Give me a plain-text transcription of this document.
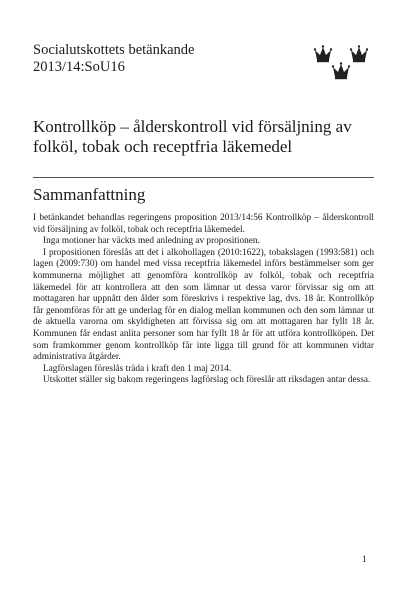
Socialutskottets betänkande
2013/14:SoU16
Kontrollköp – ålderskontroll vid försäljning av folköl, tobak och receptfria läkemedel
Sammanfattning

I betänkandet behandlas regeringens proposition 2013/14:56 Kontrollköp – ålderskontroll vid försäljning av folköl, tobak och receptfria läkemedel.

Inga motioner har väckts med anledning av propositionen.

I propositionen föreslås att det i alkohollagen (2010:1622), tobakslagen (1993:581) och lagen (2009:730) om handel med vissa receptfria läkemedel införs bestämmelser som ger kommunerna möjlighet att genomföra kontrollköp av folköl, tobak och receptfria läkemedel för att kontrollera att den som lämnar ut dessa varor förvissar sig om att mottagaren har uppnått den ålder som föreskrivs i respektive lag, dvs. 18 år. Kontrollköp får genomföras för att ge underlag för en dialog mellan kommunen och den som lämnar ut de aktuella varorna om skyldigheten att förvissa sig om att mottagaren har fyllt 18 år. Kommunen får endast anlita personer som har fyllt 18 år för att utföra kontrollköpen. Det som framkommer genom kontrollköp får inte ligga till grund för att kommunen vidtar administrativa åtgärder.

Lagförslagen föreslås träda i kraft den 1 maj 2014.

Utskottet ställer sig bakom regeringens lagförslag och föreslår att riksdagen antar dessa.

1
